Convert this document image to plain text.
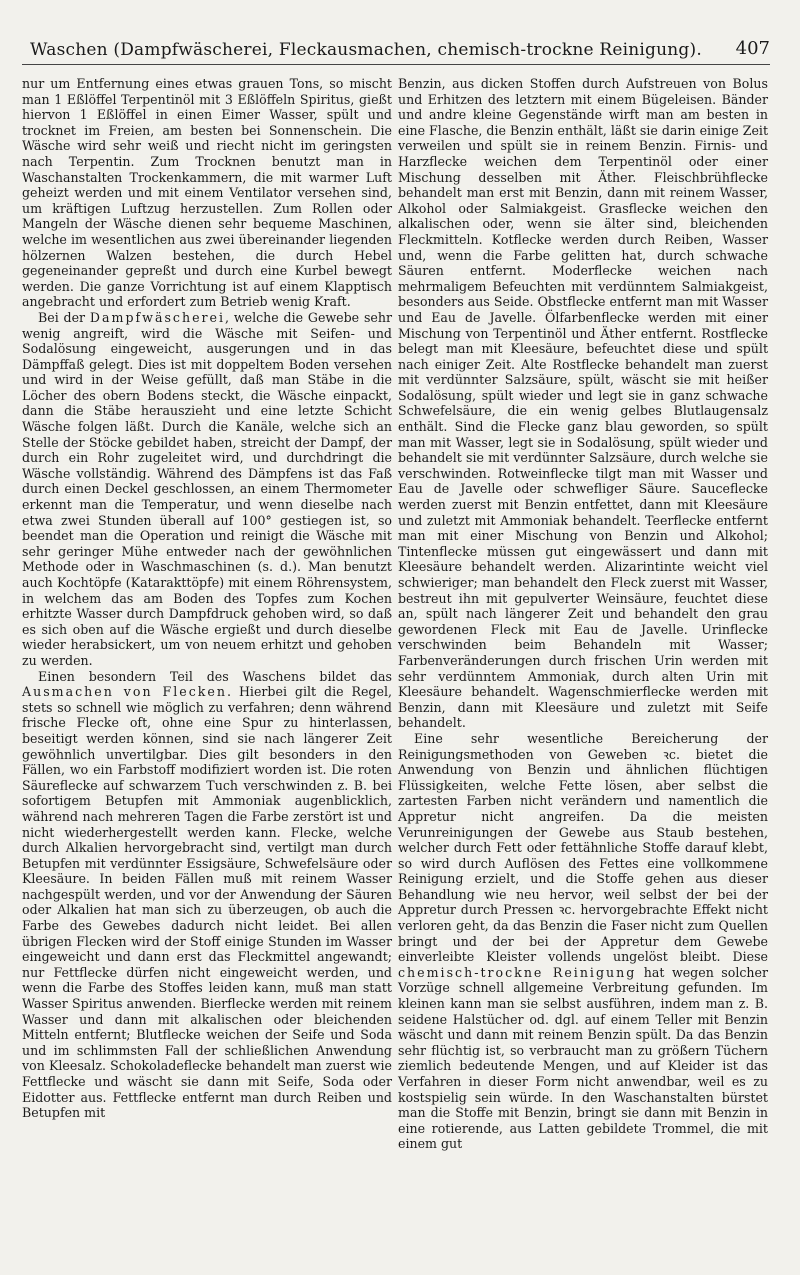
Waschen (Dampfwäscherei, Fleckausmachen, chemisch-trockne Reinigung).	407

nur um Entfernung eines etwas grauen Tons, so mischt man 1 Eßlöffel Terpentinöl mit 3 Eßlöffeln Spiritus, gießt hiervon 1 Eßlöffel in einen Eimer Wasser, spült und trocknet im Freien, am besten bei Sonnenschein. Die Wäsche wird sehr weiß und riecht nicht im geringsten nach Terpentin. Zum Trocknen benutzt man in Waschanstalten Trockenkammern, die mit warmer Luft geheizt werden und mit einem Ventilator versehen sind, um kräftigen Luftzug herzustellen. Zum Rollen oder Mangeln der Wäsche dienen sehr bequeme Maschinen, welche im wesentlichen aus zwei übereinander liegenden hölzernen Walzen bestehen, die durch Hebel gegeneinander gepreßt und durch eine Kurbel bewegt werden. Die ganze Vorrichtung ist auf einem Klapptisch angebracht und erfordert zum Betrieb wenig Kraft.

Bei der Dampfwäscherei, welche die Gewebe sehr wenig angreift, wird die Wäsche mit Seifen- und Sodalösung eingeweicht, ausgerungen und in das Dämpffaß gelegt. Dies ist mit doppeltem Boden versehen und wird in der Weise gefüllt, daß man Stäbe in die Löcher des obern Bodens steckt, die Wäsche einpackt, dann die Stäbe herauszieht und eine letzte Schicht Wäsche folgen läßt. Durch die Kanäle, welche sich an Stelle der Stöcke gebildet haben, streicht der Dampf, der durch ein Rohr zugeleitet wird, und durchdringt die Wäsche vollständig. Während des Dämpfens ist das Faß durch einen Deckel geschlossen, an einem Thermometer erkennt man die Temperatur, und wenn dieselbe nach etwa zwei Stunden überall auf 100° gestiegen ist, so beendet man die Operation und reinigt die Wäsche mit sehr geringer Mühe entweder nach der gewöhnlichen Methode oder in Waschmaschinen (s. d.). Man benutzt auch Kochtöpfe (Katarakttöpfe) mit einem Röhrensystem, in welchem das am Boden des Topfes zum Kochen erhitzte Wasser durch Dampfdruck gehoben wird, so daß es sich oben auf die Wäsche ergießt und durch dieselbe wieder herabsickert, um von neuem erhitzt und gehoben zu werden.

Einen besondern Teil des Waschens bildet das Ausmachen von Flecken. Hierbei gilt die Regel, stets so schnell wie möglich zu verfahren; denn während frische Flecke oft, ohne eine Spur zu hinterlassen, beseitigt werden können, sind sie nach längerer Zeit gewöhnlich unvertilgbar. Dies gilt besonders in den Fällen, wo ein Farbstoff modifiziert worden ist. Die roten Säureflecke auf schwarzem Tuch verschwinden z. B. bei sofortigem Betupfen mit Ammoniak augenblicklich, während nach mehreren Tagen die Farbe zerstört ist und nicht wiederhergestellt werden kann. Flecke, welche durch Alkalien hervorgebracht sind, vertilgt man durch Betupfen mit verdünnter Essigsäure, Schwefelsäure oder Kleesäure. In beiden Fällen muß mit reinem Wasser nachgespült werden, und vor der Anwendung der Säuren oder Alkalien hat man sich zu überzeugen, ob auch die Farbe des Gewebes dadurch nicht leidet. Bei allen übrigen Flecken wird der Stoff einige Stunden im Wasser eingeweicht und dann erst das Fleckmittel angewandt; nur Fettflecke dürfen nicht eingeweicht werden, und wenn die Farbe des Stoffes leiden kann, muß man statt Wasser Spiritus anwenden. Bierflecke werden mit reinem Wasser und dann mit alkalischen oder bleichenden Mitteln entfernt; Blutflecke weichen der Seife und Soda und im schlimmsten Fall der schließlichen Anwendung von Kleesalz. Schokoladeflecke behandelt man zuerst wie Fettflecke und wäscht sie dann mit Seife, Soda oder Eidotter aus. Fettflecke entfernt man durch Reiben und Betupfen mit

Benzin, aus dicken Stoffen durch Aufstreuen von Bolus und Erhitzen des letztern mit einem Bügeleisen. Bänder und andre kleine Gegenstände wirft man am besten in eine Flasche, die Benzin enthält, läßt sie darin einige Zeit verweilen und spült sie in reinem Benzin. Firnis- und Harzflecke weichen dem Terpentinöl oder einer Mischung desselben mit Äther. Fleischbrühflecke behandelt man erst mit Benzin, dann mit reinem Wasser, Alkohol oder Salmiakgeist. Grasflecke weichen den alkalischen oder, wenn sie älter sind, bleichenden Fleckmitteln. Kotflecke werden durch Reiben, Wasser und, wenn die Farbe gelitten hat, durch schwache Säuren entfernt. Moderflecke weichen nach mehrmaligem Befeuchten mit verdünntem Salmiakgeist, besonders aus Seide. Obstflecke entfernt man mit Wasser und Eau de Javelle. Ölfarbenflecke werden mit einer Mischung von Terpentinöl und Äther entfernt. Rostflecke belegt man mit Kleesäure, befeuchtet diese und spült nach einiger Zeit. Alte Rostflecke behandelt man zuerst mit verdünnter Salzsäure, spült, wäscht sie mit heißer Sodalösung, spült wieder und legt sie in ganz schwache Schwefelsäure, die ein wenig gelbes Blutlaugensalz enthält. Sind die Flecke ganz blau geworden, so spült man mit Wasser, legt sie in Sodalösung, spült wieder und behandelt sie mit verdünnter Salzsäure, durch welche sie verschwinden. Rotweinflecke tilgt man mit Wasser und Eau de Javelle oder schwefliger Säure. Sauceflecke werden zuerst mit Benzin entfettet, dann mit Kleesäure und zuletzt mit Ammoniak behandelt. Teerflecke entfernt man mit einer Mischung von Benzin und Alkohol; Tintenflecke müssen gut eingewässert und dann mit Kleesäure behandelt werden. Alizarintinte weicht viel schwieriger; man behandelt den Fleck zuerst mit Wasser, bestreut ihn mit gepulverter Weinsäure, feuchtet diese an, spült nach längerer Zeit und behandelt den grau gewordenen Fleck mit Eau de Javelle. Urinflecke verschwinden beim Behandeln mit Wasser; Farbenveränderungen durch frischen Urin werden mit sehr verdünntem Ammoniak, durch alten Urin mit Kleesäure behandelt. Wagenschmierflecke werden mit Benzin, dann mit Kleesäure und zuletzt mit Seife behandelt.

Eine sehr wesentliche Bereicherung der Reinigungsmethoden von Geweben ꝛc. bietet die Anwendung von Benzin und ähnlichen flüchtigen Flüssigkeiten, welche Fette lösen, aber selbst die zartesten Farben nicht verändern und namentlich die Appretur nicht angreifen. Da die meisten Verunreinigungen der Gewebe aus Staub bestehen, welcher durch Fett oder fettähnliche Stoffe darauf klebt, so wird durch Auflösen des Fettes eine vollkommene Reinigung erzielt, und die Stoffe gehen aus dieser Behandlung wie neu hervor, weil selbst der bei der Appretur durch Pressen ꝛc. hervorgebrachte Effekt nicht verloren geht, da das Benzin die Faser nicht zum Quellen bringt und der bei der Appretur dem Gewebe einverleibte Kleister vollends ungelöst bleibt. Diese chemisch-trockne Reinigung hat wegen solcher Vorzüge schnell allgemeine Verbreitung gefunden. Im kleinen kann man sie selbst ausführen, indem man z. B. seidene Halstücher od. dgl. auf einem Teller mit Benzin wäscht und dann mit reinem Benzin spült. Da das Benzin sehr flüchtig ist, so verbraucht man zu größern Tüchern ziemlich bedeutende Mengen, und auf Kleider ist das Verfahren in dieser Form nicht anwendbar, weil es zu kostspielig sein würde. In den Waschanstalten bürstet man die Stoffe mit Benzin, bringt sie dann mit Benzin in eine rotierende, aus Latten gebildete Trommel, die mit einem gut
